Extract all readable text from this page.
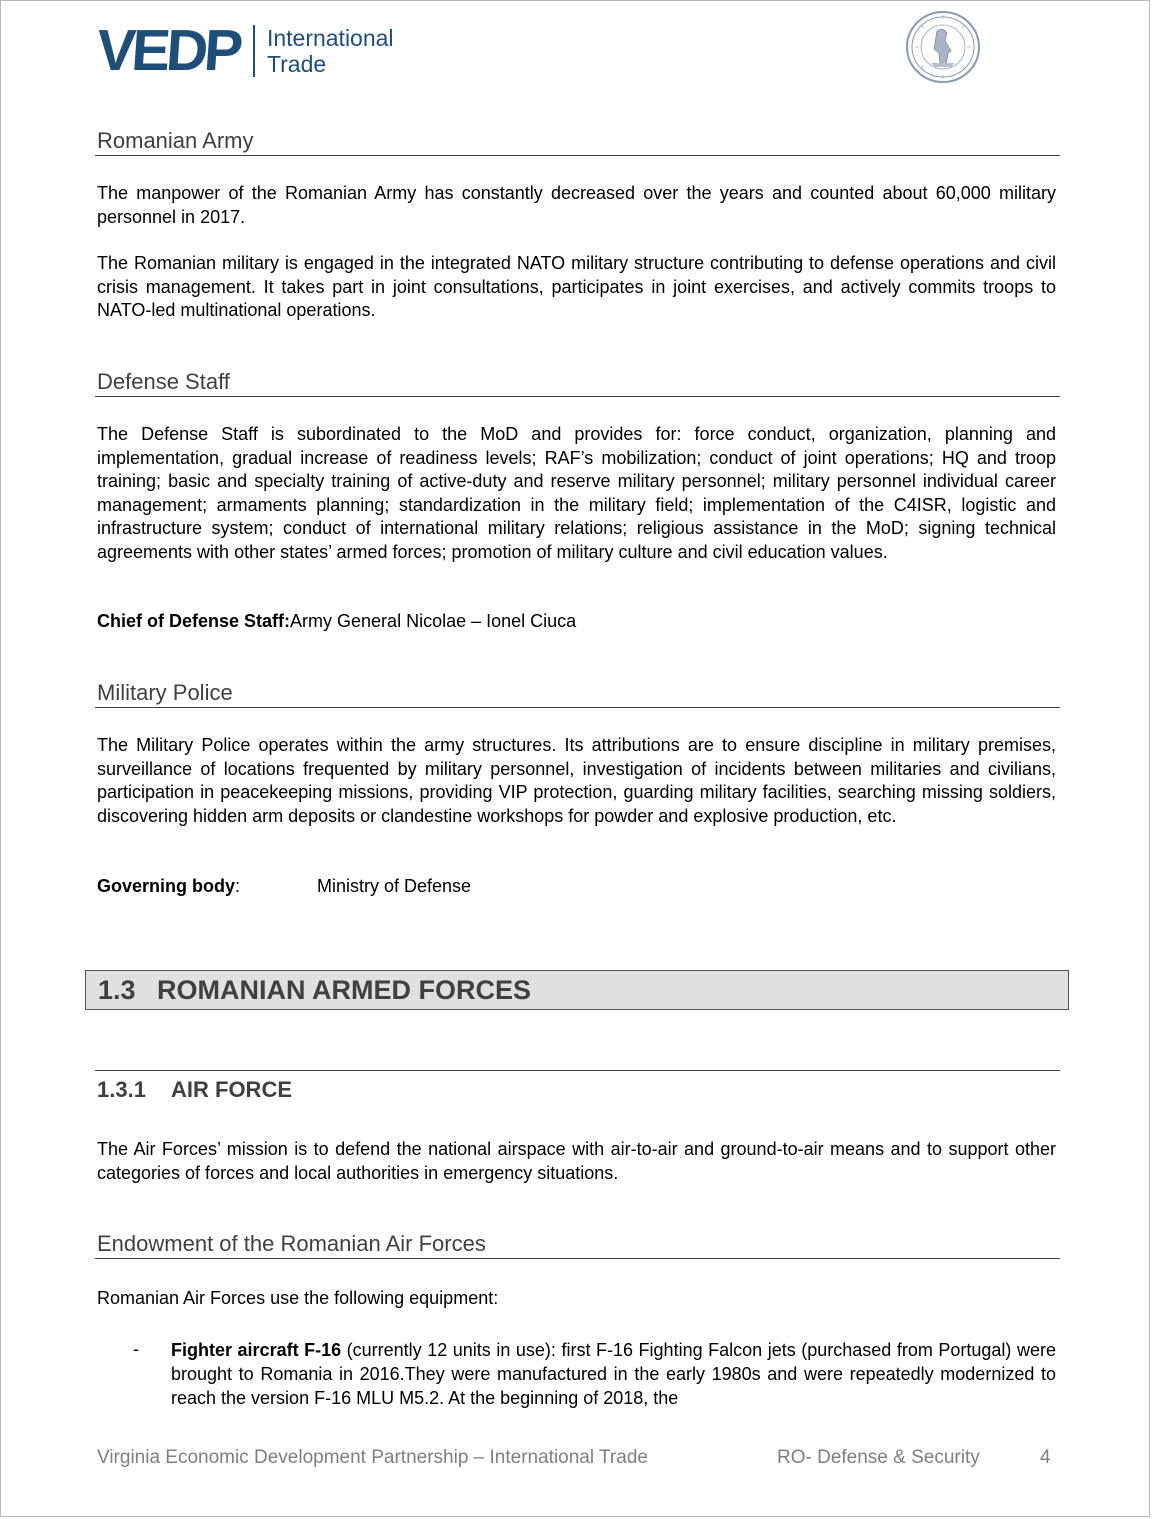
VEDP International
Trade
Romanian Army

The manpower of the Romanian Army has constantly decreased over the years and counted about 60,000 military personnel in 2017.

The Romanian military is engaged in the integrated NATO military structure contributing to defense operations and civil crisis management. It takes part in joint consultations, participates in joint exercises, and actively commits troops to NATO-led multinational operations.

Defense Staff

The Defense Staff is subordinated to the MoD and provides for: force conduct, organization, planning and implementation, gradual increase of readiness levels; RAF’s mobilization; conduct of joint operations; HQ and troop training; basic and specialty training of active-duty and reserve military personnel; military personnel individual career management; armaments planning; standardization in the military field; implementation of the C4ISR, logistic and infrastructure system; conduct of international military relations; religious assistance in the MoD; signing technical agreements with other states’ armed forces; promotion of military culture and civil education values.

Chief of Defense Staff:Army General Nicolae – Ionel Ciuca
Military Police

The Military Police operates within the army structures. Its attributions are to ensure discipline in military premises, surveillance of locations frequented by military personnel, investigation of incidents between militaries and civilians, participation in peacekeeping missions, providing VIP protection, guarding military facilities, searching missing soldiers, discovering hidden arm deposits or clandestine workshops for powder and explosive production, etc.

Governing body:	Ministry of Defense
1.3 ROMANIAN ARMED FORCES
1.3.1 AIR FORCE

The Air Forces’ mission is to defend the national airspace with air-to-air and ground-to-air means and to support other categories of forces and local authorities in emergency situations.

Endowment of the Romanian Air Forces

Romanian Air Forces use the following equipment:

- Fighter aircraft F-16 (currently 12 units in use): first F-16 Fighting Falcon jets (purchased from Portugal) were brought to Romania in 2016.They were manufactured in the early 1980s and were repeatedly modernized to reach the version F-16 MLU M5.2. At the beginning of 2018, the

Virginia Economic Development Partnership – International Trade	RO- Defense & Security	4
